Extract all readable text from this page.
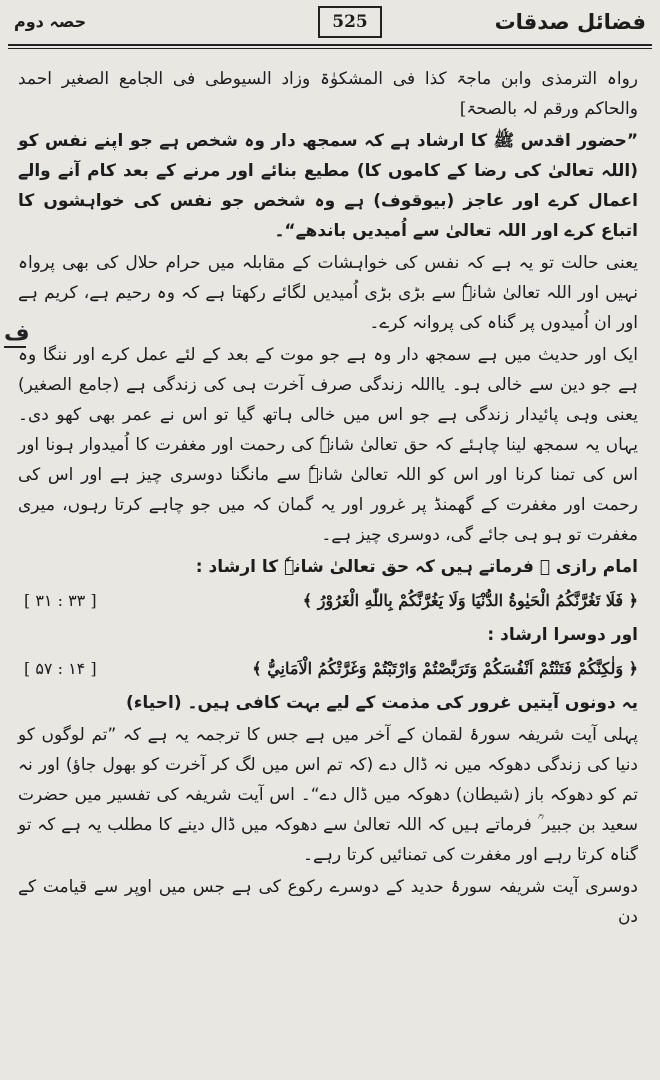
فضائل صدقات
525
حصہ دوم
ف

رواہ الترمذی وابن ماجۃ کذا فی المشکوٰۃ وزاد السیوطی فی الجامع الصغیر احمد والحاکم ورقم لہ بالصحۃ]

”حضور اقدس ﷺ کا ارشاد ہے کہ سمجھ دار وہ شخص ہے جو اپنے نفس کو (اللہ تعالیٰ کی رضا کے کاموں کا) مطیع بنائے اور مرنے کے بعد کام آنے والے اعمال کرے اور عاجز (بیوقوف) ہے وہ شخص جو نفس کی خواہشوں کا اتباع کرے اور اللہ تعالیٰ سے اُمیدیں باندھے“۔

یعنی حالت تو یہ ہے کہ نفس کی خواہشات کے مقابلہ میں حرام حلال کی بھی پرواہ نہیں اور اللہ تعالیٰ شانہٗ سے بڑی بڑی اُمیدیں لگائے رکھتا ہے کہ وہ رحیم ہے، کریم ہے اور ان اُمیدوں پر گناہ کی پروانہ کرے۔

ایک اور حدیث میں ہے سمجھ دار وہ ہے جو موت کے بعد کے لئے عمل کرے اور ننگا وہ ہے جو دین سے خالی ہو۔ یااللہ زندگی صرف آخرت ہی کی زندگی ہے (جامع الصغیر) یعنی وہی پائیدار زندگی ہے جو اس میں خالی ہاتھ گیا تو اس نے عمر بھی کھو دی۔ یہاں یہ سمجھ لینا چاہئے کہ حق تعالیٰ شانہٗ کی رحمت اور مغفرت کا اُمیدوار ہونا اور اس کی تمنا کرنا اور اس کو اللہ تعالیٰ شانہٗ سے مانگنا دوسری چیز ہے اور اس کی رحمت اور مغفرت کے گھمنڈ پر غرور اور یہ گمان کہ میں جو چاہے کرتا رہوں، میری مغفرت تو ہو ہی جائے گی، دوسری چیز ہے۔

امام رازی ؒ فرماتے ہیں کہ حق تعالیٰ شانہٗ کا ارشاد :

﴿ فَلَا تَغُرَّنَّكُمُ الْحَيٰوةُ الدُّنْيَا وَلَا يَغُرَّنَّكُمْ بِاللّٰهِ الْغَرُوْرُ ﴾
[ ۳۱ : ۳۳ ]

اور دوسرا ارشاد :

﴿ وَلٰكِنَّكُمْ فَتَنْتُمْ اَنْفُسَكُمْ وَتَرَبَّصْتُمْ وَارْتَبْتُمْ وَغَرَّتْكُمُ الْاَمَانِيُّ ﴾
[ ۵۷ : ۱۴ ]

یہ دونوں آیتیں غرور کی مذمت کے لیے بہت کافی ہیں۔ (احیاء)

پہلی آیت شریفہ سورۂ لقمان کے آخر میں ہے جس کا ترجمہ یہ ہے کہ ”تم لوگوں کو دنیا کی زندگی دھوکہ میں نہ ڈال دے (کہ تم اس میں لگ کر آخرت کو بھول جاؤ) اور نہ تم کو دھوکہ باز (شیطان) دھوکہ میں ڈال دے“۔ اس آیت شریفہ کی تفسیر میں حضرت سعید بن جبیر ؒ فرماتے ہیں کہ اللہ تعالیٰ سے دھوکہ میں ڈال دینے کا مطلب یہ ہے کہ تو گناہ کرتا رہے اور مغفرت کی تمنائیں کرتا رہے۔

دوسری آیت شریفہ سورۂ حدید کے دوسرے رکوع کی ہے جس میں اوپر سے قیامت کے دن
